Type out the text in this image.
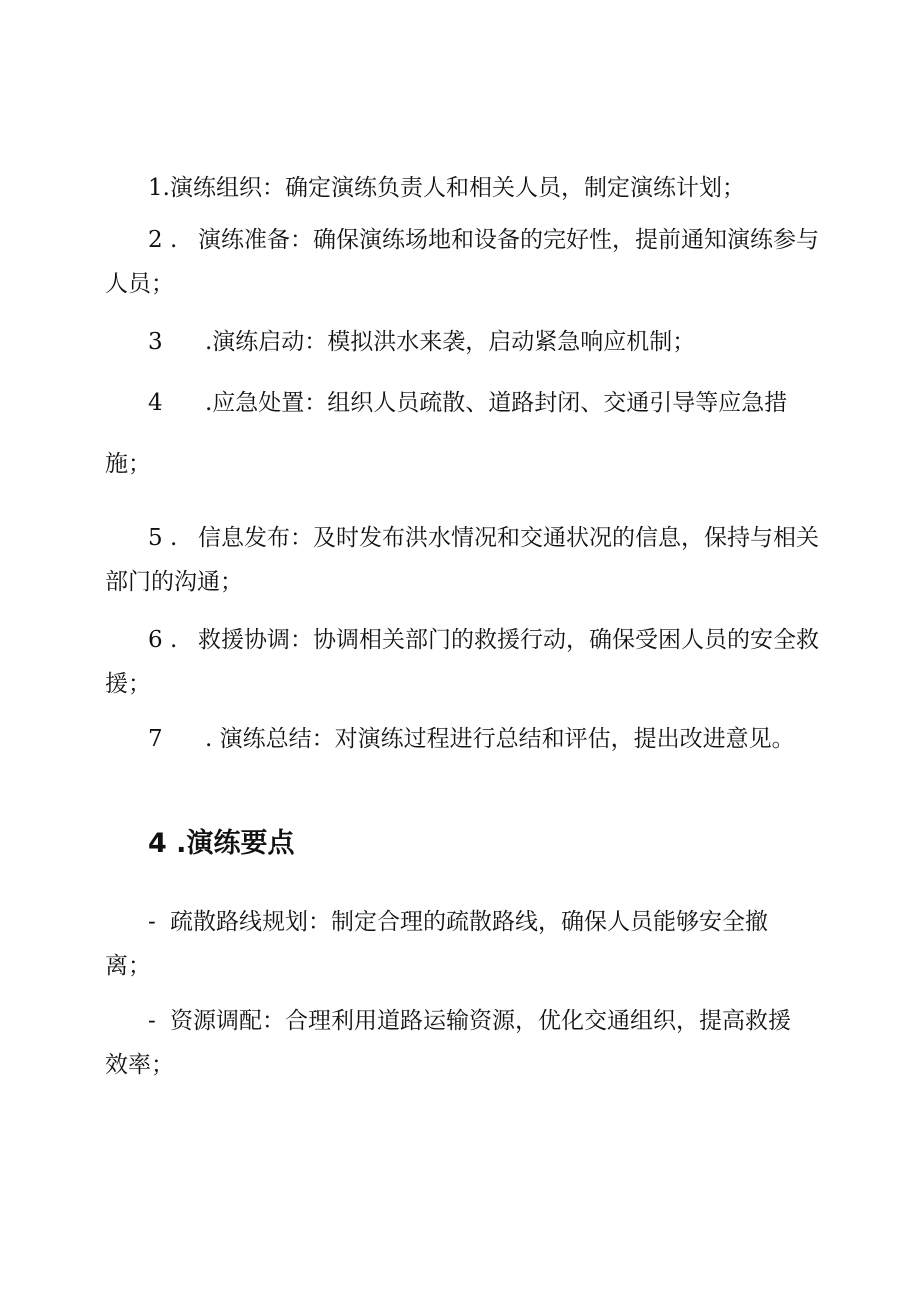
1.演练组织：确定演练负责人和相关人员，制定演练计划；
2 . 演练准备：确保演练场地和设备的完好性，提前通知演练参与
人员；
3 .演练启动：模拟洪水来袭，启动紧急响应机制；
4 .应急处置：组织人员疏散、道路封闭、交通引导等应急措
施；
5 . 信息发布：及时发布洪水情况和交通状况的信息，保持与相关
部门的沟通；
6 . 救援协调：协调相关部门的救援行动，确保受困人员的安全救
援；
7 . 演练总结：对演练过程进行总结和评估，提出改进意见。
4 .演练要点
- 疏散路线规划：制定合理的疏散路线，确保人员能够安全撤
离；
- 资源调配：合理利用道路运输资源，优化交通组织，提高救援
效率；
